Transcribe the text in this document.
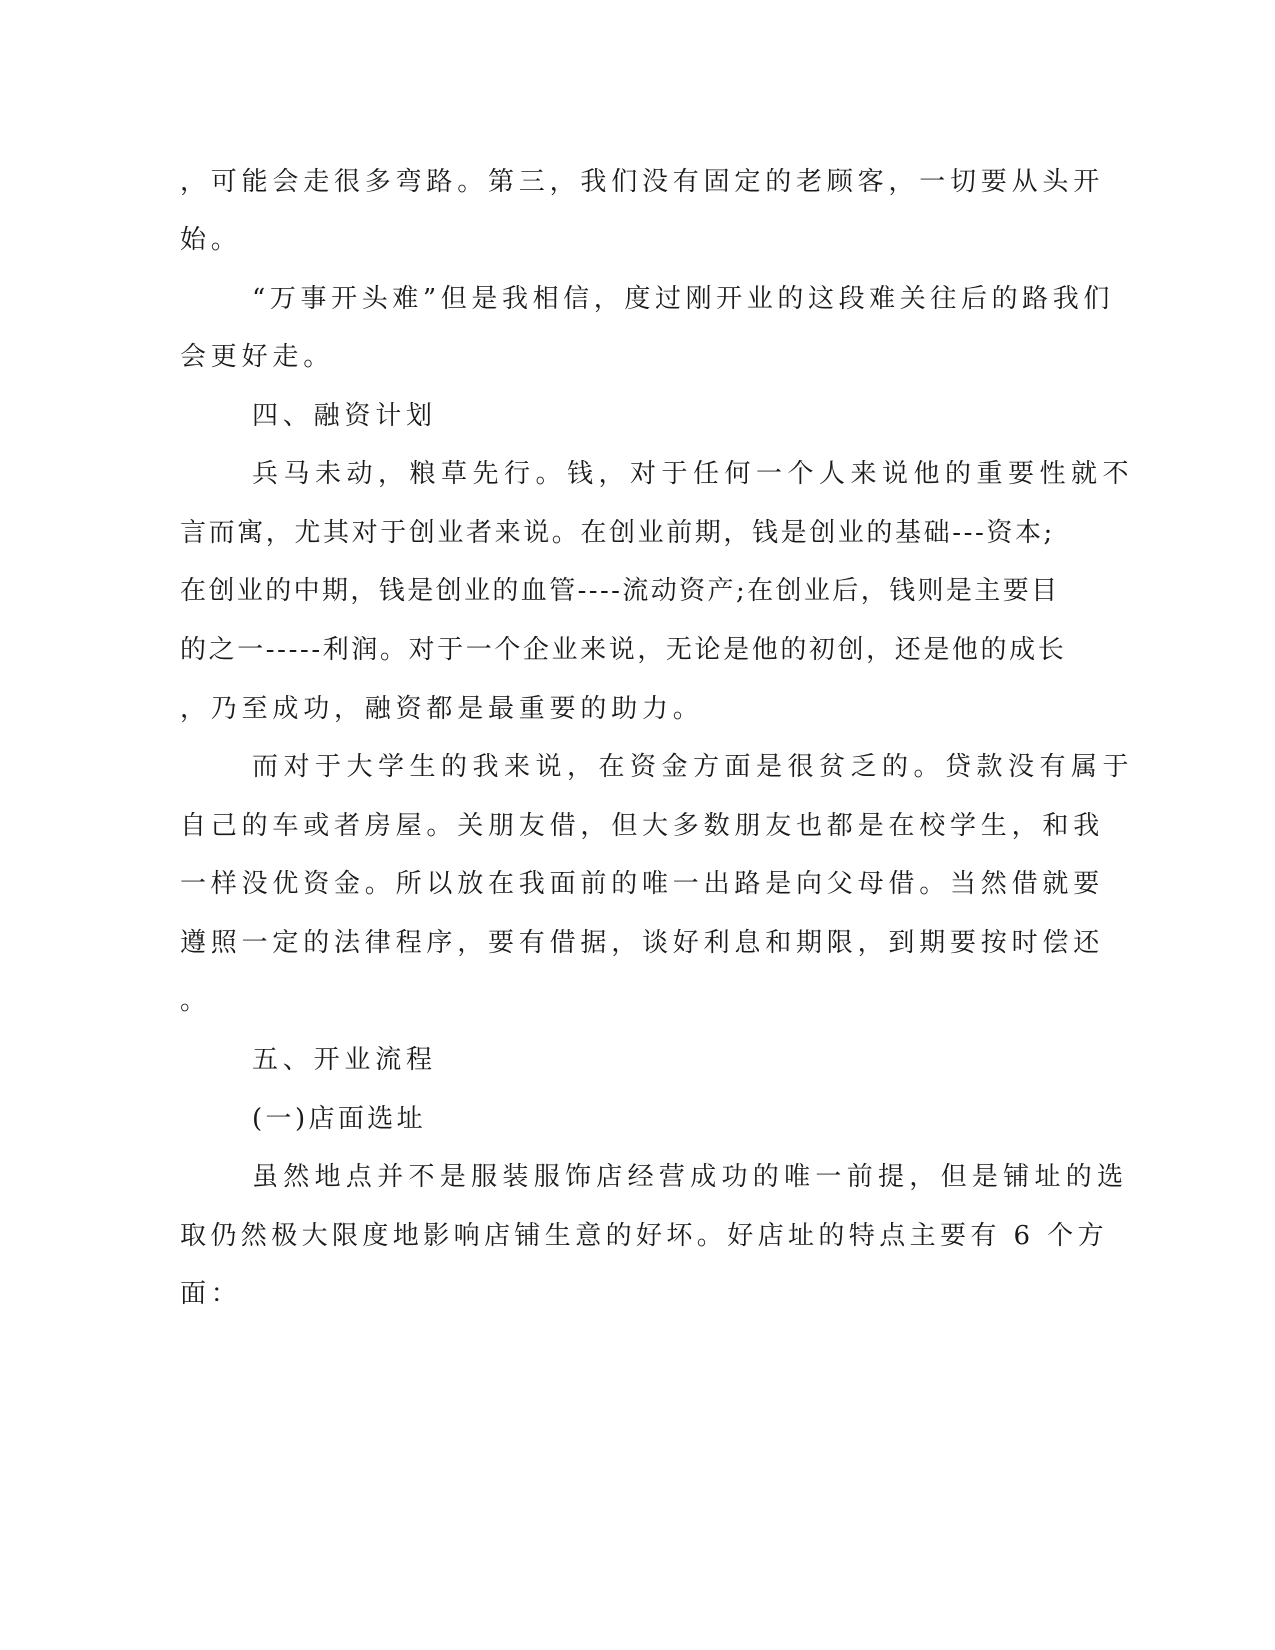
，可能会走很多弯路。第三，我们没有固定的老顾客，一切要从头开

始。

“万事开头难”但是我相信，度过刚开业的这段难关往后的路我们

会更好走。

四、融资计划

兵马未动，粮草先行。钱，对于任何一个人来说他的重要性就不

言而寓，尤其对于创业者来说。在创业前期，钱是创业的基础---资本;

在创业的中期，钱是创业的血管----流动资产;在创业后，钱则是主要目

的之一-----利润。对于一个企业来说，无论是他的初创，还是他的成长

，乃至成功，融资都是最重要的助力。

而对于大学生的我来说，在资金方面是很贫乏的。贷款没有属于

自己的车或者房屋。关朋友借，但大多数朋友也都是在校学生，和我

一样没优资金。所以放在我面前的唯一出路是向父母借。当然借就要

遵照一定的法律程序，要有借据，谈好利息和期限，到期要按时偿还

。

五、开业流程

(一)店面选址

虽然地点并不是服装服饰店经营成功的唯一前提，但是铺址的选

取仍然极大限度地影响店铺生意的好坏。好店址的特点主要有 6 个方

面：
